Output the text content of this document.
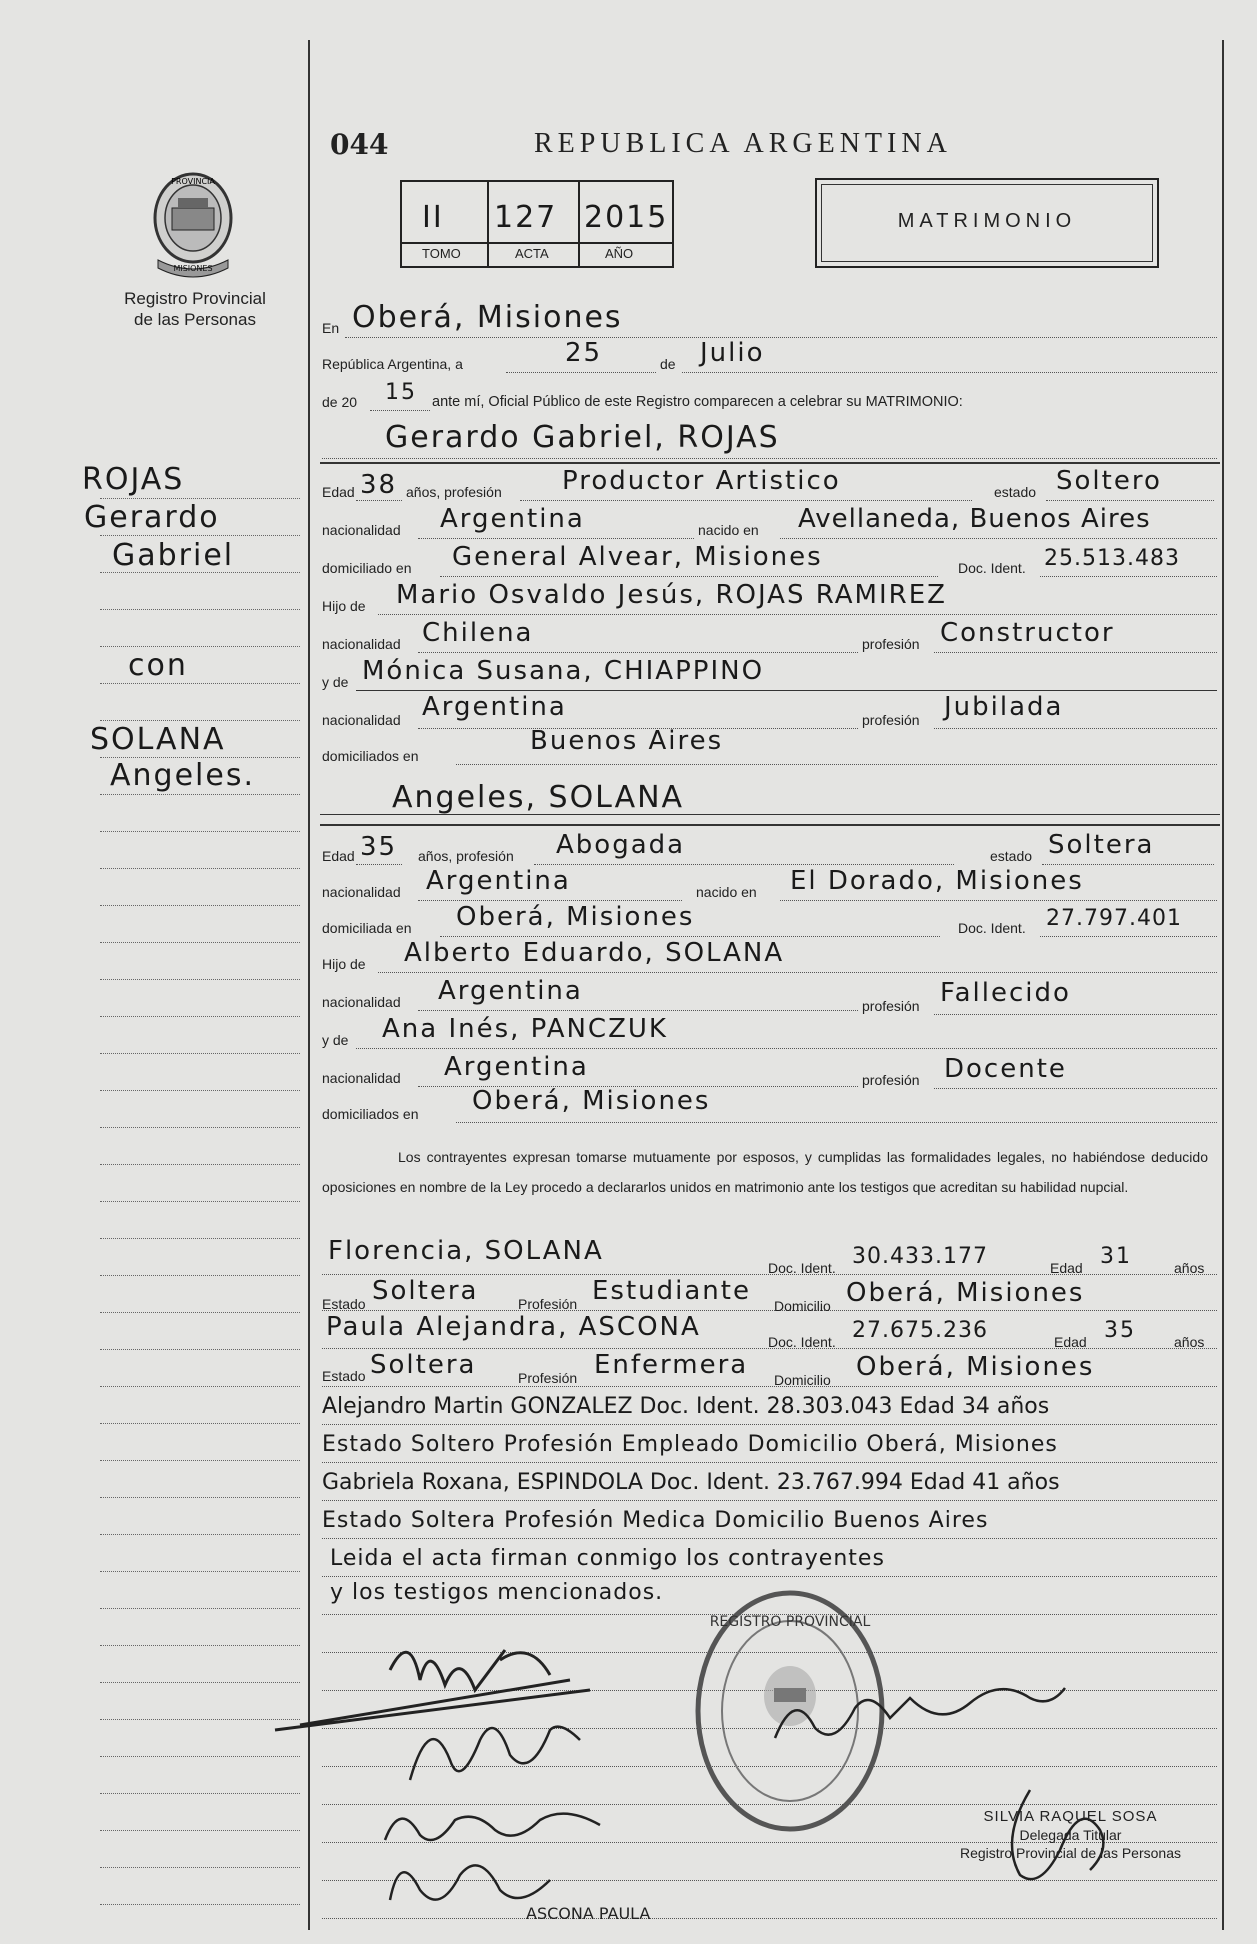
PROVINCIA
MISIONES
Registro Provincial
de las Personas
ROJAS
Gerardo
Gabriel
con
SOLANA
Angeles.
044	REPUBLICA ARGENTINA
II 127 2015
TOMO	ACTA	AÑO
MATRIMONIO
En Oberá, Misiones
República Argentina, a	25	de Julio
de 20 15 ante mí, Oficial Público de este Registro comparecen a celebrar su MATRIMONIO:
Gerardo Gabriel, ROJAS
Edad 38 años, profesión Productor Artistico	estado Soltero
nacionalidad Argentina	nacido en Avellaneda, Buenos Aires
domiciliado en General Alvear, Misiones	Doc. Ident. 25.513.483
Hijo de Mario Osvaldo Jesús, ROJAS RAMIREZ
nacionalidad Chilena	profesión Constructor
y de Mónica Susana, CHIAPPINO
nacionalidad Argentina	profesión Jubilada
domiciliados en	Buenos Aires
Angeles, SOLANA
Edad 35 años, profesión Abogada	estado Soltera
nacionalidad Argentina	nacido en El Dorado, Misiones
domiciliada en Oberá, Misiones	Doc. Ident. 27.797.401
Hijo de Alberto Eduardo, SOLANA
nacionalidad Argentina	profesión Fallecido
y de Ana Inés, PANCZUK
nacionalidad Argentina	profesión Docente
domiciliados en Oberá, Misiones
Los contrayentes expresan tomarse mutuamente por esposos, y cumplidas las formalidades legales, no habiéndose deducido oposiciones en nombre de la Ley procedo a declararlos unidos en matrimonio ante los testigos que acreditan su habilidad nupcial.
Florencia, SOLANA
Doc. Ident. 30.433.177	Edad 31	años
Estado Soltera	Profesión Estudiante Domicilio Oberá, Misiones
Paula Alejandra, ASCONA	Doc. Ident. 27.675.236	Edad 35	años
Estado Soltera	Profesión Enfermera Domicilio Oberá, Misiones
Alejandro Martin GONZALEZ Doc. Ident. 28.303.043 Edad 34 años
Estado Soltero Profesión Empleado Domicilio Oberá, Misiones
Gabriela Roxana, ESPINDOLA Doc. Ident. 23.767.994 Edad 41 años
Estado Soltera Profesión Medica Domicilio Buenos Aires
Leida el acta firman conmigo los contrayentes
y los testigos mencionados.
REGISTRO PROVINCIAL
ASCONA PAULA
SILVIA RAQUEL SOSA
Delegada Titular
Registro Provincial de las Personas
